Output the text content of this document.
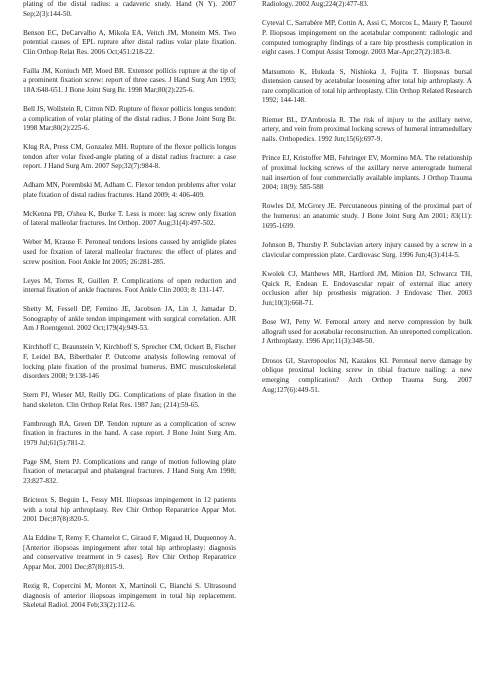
plating of the distal radius: a cadaveric study. Hand (N Y). 2007 Sep;2(3):144-50.

Benson EC, DeCarvalho A, Mikola EA, Veitch JM, Moneim MS. Two potential causes of EPL rupture after distal radius volar plate fixation. Clin Orthop Relat Res. 2006 Oct;451:218-22.

Failla JM, Koniuch MP, Moed BR. Extensor pollicis rupture at the tip of a prominent fixation screw: report of three cases. J Hand Surg Am 1993; 18A:648-651. J Bone Joint Surg Br. 1998 Mar;80(2):225-6.

Bell JS, Wollstein R, Citron ND. Rupture of flexor pollicis longus tendon: a complication of volar plating of the distal radius. J Bone Joint Surg Br. 1998 Mar;80(2):225-6.

Klug RA, Press CM, Gonzalez MH. Rupture of the flexor pollicis longus tendon after volar fixed-angle plating of a distal radius fracture: a case report. J Hand Surg Am. 2007 Sep;32(7):984-8.

Adham MN, Porembski M, Adham C. Flexor tendon problems after volar plate fixation of distal radius fractures. Hand 2009; 4: 406-409.

McKenna PB, O'shea K, Burke T. Less is more: lag screw only fixation of lateral malleolar fractures. Int Orthop. 2007 Aug;31(4):497-502.

Weber M, Krause F. Peroneal tendons lesions caused by antiglide plates used for fixation of lateral malleolar fractures: the effect of plates and screw position. Foot Ankle Int 2005; 26:281-285.

Leyes M, Torres R, Guillen P. Complications of open reduction and internal fixation of ankle fractures. Foot Ankle Clin 2003; 8: 131-147.

Shetty M, Fessell DP, Femino JE, Jacobson JA, Lin J, Jamadar D. Sonography of ankle tendon impingement with surgical correlation. AJR Am J Roentgenol. 2002 Oct;179(4):949-53.

Kirchhoff C, Braunstein V, Kirchhoff S, Sprecher CM, Ockert B, Fischer F, Leidel BA, Biberthaler P. Outcome analysis following removal of locking plate fixation of the proximal humerus. BMC musculoskeletal disorders 2008; 9:138-146

Stern PJ, Wieser MJ, Reilly DG. Complications of plate fixation in the hand skeleton. Clin Orthop Relat Res. 1987 Jan; (214):59-65.

Fambrough RA, Green DP. Tendon rupture as a complication of screw fixation in fractures in the hand. A case report. J Bone Joint Surg Am. 1979 Jul;61(5):781-2.

Page SM, Stern PJ. Complications and range of motion following plate fixation of metacarpal and phalangeal fractures. J Hand Surg Am 1998; 23:827-832.

Bricteux S, Beguin L, Fessy MH. Iliopsoas impingement in 12 patients with a total hip arthroplasty. Rev Chir Orthop Reparatrice Appar Mot. 2001 Dec;87(8):820-5.

Ala Eddine T, Remy F, Chantelot C, Giraud F, Migaud H, Duquennoy A. [Anterior iliopsoas impingement after total hip arthroplasty: diagnosis and conservative treatment in 9 cases]. Rev Chir Orthop Reparatrice Appar Mot. 2001 Dec;87(8):815-9.

Rezig R, Copercini M, Montet X, Martinoli C, Bianchi S. Ultrasound diagnosis of anterior iliopsoas impingement in total hip replacement. Skeletal Radiol. 2004 Feb;33(2):112-6.

Radiology. 2002 Aug;224(2):477-83.

Cyteval C, Sarrabère MP, Cottin A, Assi C, Morcos L, Maury P, Taourel P. Iliopsoas impingement on the acetabular component: radiologic and computed tomography findings of a rare hip prosthesis complication in eight cases. J Comput Assist Tomogr. 2003 Mar-Apr;27(2):183-8.

Matsumoto K, Hukuda S, Nishioka J, Fujita T. Iliopsoas bursal distension caused by acetabular loosening after total hip arthroplasty. A rare complication of total hip arthroplasty. Clin Orthop Related Research 1992; 144-148.

Riemer BL, D'Ambrosia R. The risk of injury to the axillary nerve, artery, and vein from proximal locking screws of humeral intramedullary nails. Orthopedics. 1992 Jun;15(6):697-9.

Prince EJ, Kristoffer MB, Fehringer EV, Mormino MA. The relationship of proximal locking screws of the axillary nerve anterograde humeral nail insertion of four commercially available implants. J Orthop Trauma 2004; 18(9): 585-588

Rowles DJ, McGrory JE. Percutaneous pinning of the proximal part of the humerus: an anatomic study. J Bone Joint Surg Am 2001; 83(11): 1695-1699.

Johnson B, Thursby P. Subclavian artery injury caused by a screw in a clavicular compression plate. Cardiovasc Surg. 1996 Jun;4(3):414-5.

Kwolek CJ, Matthews MR, Hartford JM, Minion DJ, Schwarcz TH, Quick R, Endean E. Endovascular repair of external iliac artery occlusion after hip prosthesis migration. J Endovasc Ther. 2003 Jun;10(3):668-71.

Bose WJ, Petty W. Femoral artery and nerve compression by bulk allograft used for acetabular reconstruction. An unreported complication. J Arthroplasty. 1996 Apr;11(3):348-50.

Drosos GI, Stavropoulos NI, Kazakos KI. Peroneal nerve damage by oblique proximal locking screw in tibial fracture nailing: a new emerging complication? Arch Orthop Trauma Surg. 2007 Aug;127(6):449-51.
